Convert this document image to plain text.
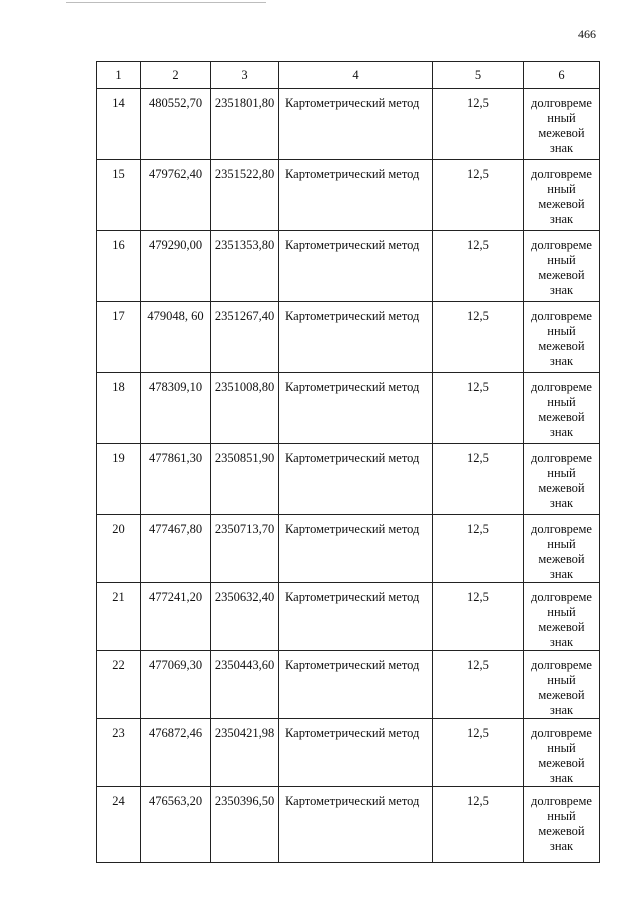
466
1	2	3	4	5	6
14	480552,70	2351801,80	Картометрический метод	12,5	долговреме
нный
межевой
знак

15	479762,40	2351522,80	Картометрический метод	12,5	долговреме
нный
межевой
знак

16	479290,00	2351353,80	Картометрический метод	12,5	долговреме
нный
межевой
знак

17	479048, 60	2351267,40	Картометрический метод	12,5	долговреме
нный
межевой
знак

18	478309,10	2351008,80	Картометрический метод	12,5	долговреме
нный
межевой
знак

19	477861,30	2350851,90	Картометрический метод	12,5	долговреме
нный
межевой
знак

20	477467,80	2350713,70	Картометрический метод	12,5	долговреме
нный
межевой
знак

21	477241,20	2350632,40	Картометрический метод	12,5	долговреме
нный
межевой
знак

22	477069,30	2350443,60	Картометрический метод	12,5	долговреме
нный
межевой
знак

23	476872,46	2350421,98	Картометрический метод	12,5	долговреме
нный
межевой
знак

24	476563,20	2350396,50	Картометрический метод	12,5	долговреме
нный
межевой
знак
